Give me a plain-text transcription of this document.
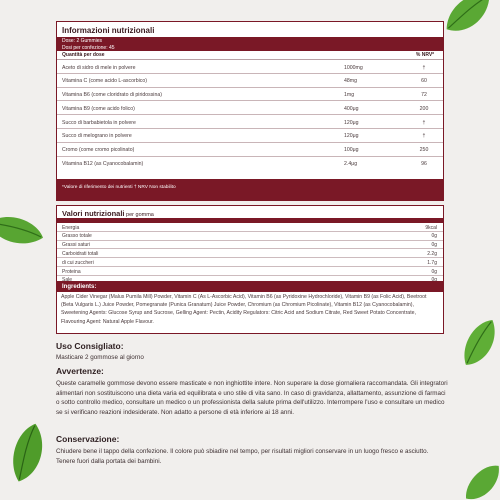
Informazioni nutrizionali
Dose: 2 Gummies
Dosi per confezione: 45
Quantità per dose	% NRV*
Aceto di sidro di mele in polvere	1000mg	†
Vitamina C (come acido L-ascorbico)	48mg	60
Vitamina B6 (come cloridrato di piridossina)	1mg	72
Vitamina B9 (come acido folico)	400μg	200
Succo di barbabietola in polvere	120μg	†
Succo di melograno in polvere	120μg	†
Cromo (come cromo picolinato)	100μg	250
Vitamina B12 (as Cyanocobalamin)	2.4μg	96
*Valore di riferimento dei nutrienti † NRV Non stabilito
Valori nutrizionali per gomma
Energia	9kcal
Grasso totale	0g
Grassi saturi	0g
Carboidrati totali	2.2g
di cui zuccheri	1.7g
Proteina	0g
Ingredients:
Apple Cider Vinegar (Malus Pumila Mill) Powder, Vitamin C (As L-Ascorbic Acid), Vitamin B6 (as Pyridoxine Hydrochloride), Vitamin B9 (as Folic Acid), Beetroot (Beta Vulgaris L.) Juice Powder, Pomegranate (Punica Granatum) Juice Powder, Chromium (as Chromium Picolinate), Vitamin B12 (as Cyanocobalamin), Sweetening Agents: Glucose Syrup and Sucrose, Gelling Agent: Pectin, Acidity Regulators: Citric Acid and Sodium Citrate, Red Sweet Potato Concentrate, Flavouring Agent: Natural Apple Flavour.
Uso Consigliato:
Masticare 2 gommose al giorno
Avvertenze:
Queste caramelle gommose devono essere masticate e non inghiottite intere. Non superare la dose giornaliera raccomandata. Gli integratori alimentari non sostituiscono una dieta varia ed equilibrata e uno stile di vita sano. In caso di gravidanza, allattamento, assunzione di farmaci o sotto controllo medico, consultare un medico o un professionista della salute prima dell'utilizzo. Interrompere l'uso e consultare un medico se si verificano reazioni indesiderate. Non adatto a persone di età inferiore ai 18 anni.
Conservazione:
Chiudere bene il tappo della confezione. Il colore può sbiadire nel tempo, per risultati migliori conservare in un luogo fresco e asciutto. Tenere fuori dalla portata dei bambini.
